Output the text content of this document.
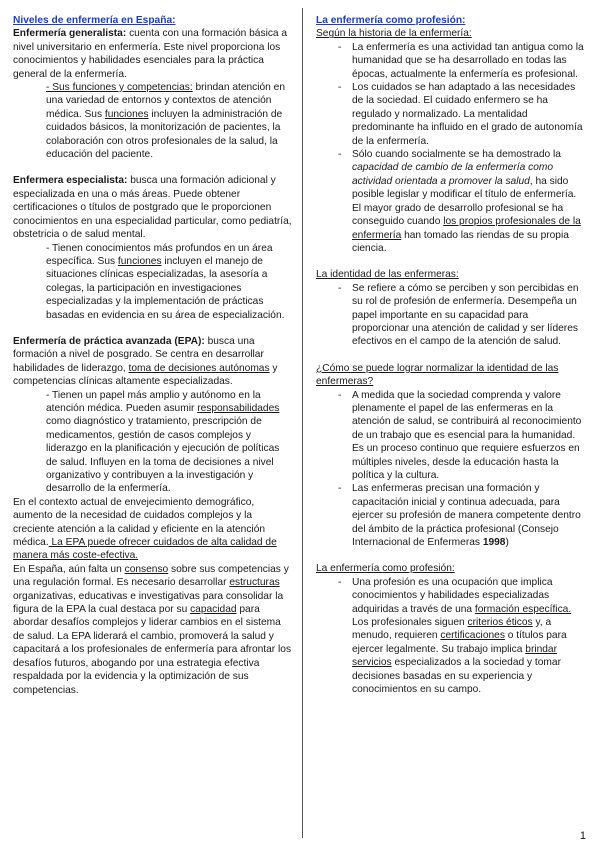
Niveles de enfermería en España:

Enfermería generalista: cuenta con una formación básica a nivel universitario en enfermería. Este nivel proporciona los conocimientos y habilidades esenciales para la práctica general de la enfermería.

- Sus funciones y competencias: brindan atención en una variedad de entornos y contextos de atención médica. Sus funciones incluyen la administración de cuidados básicos, la monitorización de pacientes, la colaboración con otros profesionales de la salud, la educación del paciente.

Enfermera especialista: busca una formación adicional y especializada en una o más áreas. Puede obtener certificaciones o títulos de postgrado que le proporcionen conocimientos en una especialidad particular, como pediatría, obstetricia o de salud mental.

- Tienen conocimientos más profundos en un área específica. Sus funciones incluyen el manejo de situaciones clínicas especializadas, la asesoría a colegas, la participación en investigaciones especializadas y la implementación de prácticas basadas en evidencia en su área de especialización.

Enfermería de práctica avanzada (EPA): busca una formación a nivel de posgrado. Se centra en desarrollar habilidades de liderazgo, toma de decisiones autónomas y competencias clínicas altamente especializadas.

- Tienen un papel más amplio y autónomo en la atención médica. Pueden asumir responsabilidades como diagnóstico y tratamiento, prescripción de medicamentos, gestión de casos complejos y liderazgo en la planificación y ejecución de políticas de salud. Influyen en la toma de decisiones a nivel organizativo y contribuyen a la investigación y desarrollo de la enfermería.

En el contexto actual de envejecimiento demográfico, aumento de la necesidad de cuidados complejos y la creciente atención a la calidad y eficiente en la atención médica. La EPA puede ofrecer cuidados de alta calidad de manera más coste-efectiva.

En España, aún falta un consenso sobre sus competencias y una regulación formal. Es necesario desarrollar estructuras organizativas, educativas e investigativas para consolidar la figura de la EPA la cual destaca por su capacidad para abordar desafíos complejos y liderar cambios en el sistema de salud. La EPA liderará el cambio, promoverá la salud y capacitará a los profesionales de enfermería para afrontar los desafíos futuros, abogando por una estrategia efectiva respaldada por la evidencia y la optimización de sus competencias.

La enfermería como profesión:

Según la historia de la enfermería:

- La enfermería es una actividad tan antigua como la humanidad que se ha desarrollado en todas las épocas, actualmente la enfermería es profesional.
- Los cuidados se han adaptado a las necesidades de la sociedad. El cuidado enfermero se ha regulado y normalizado. La mentalidad predominante ha influido en el grado de autonomía de la enfermería.
- Sólo cuando socialmente se ha demostrado la capacidad de cambio de la enfermería como actividad orientada a promover la salud, ha sido posible legislar y modificar el título de enfermería. El mayor grado de desarrollo profesional se ha conseguido cuando los propios profesionales de la enfermería han tomado las riendas de su propia ciencia.

La identidad de las enfermeras:

- Se refiere a cómo se perciben y son percibidas en su rol de profesión de enfermería. Desempeña un papel importante en su capacidad para proporcionar una atención de calidad y ser líderes efectivos en el campo de la atención de salud.

¿Cómo se puede lograr normalizar la identidad de las enfermeras?

- A medida que la sociedad comprenda y valore plenamente el papel de las enfermeras en la atención de salud, se contribuirá al reconocimiento de un trabajo que es esencial para la humanidad. Es un proceso continuo que requiere esfuerzos en múltiples niveles, desde la educación hasta la política y la cultura.
- Las enfermeras precisan una formación y capacitación inicial y continua adecuada, para ejercer su profesión de manera competente dentro del ámbito de la práctica profesional (Consejo Internacional de Enfermeras 1998)

La enfermería como profesión:

- Una profesión es una ocupación que implica conocimientos y habilidades especializadas adquiridas a través de una formación específica. Los profesionales siguen criterios éticos y, a menudo, requieren certificaciones o títulos para ejercer legalmente. Su trabajo implica brindar servicios especializados a la sociedad y tomar decisiones basadas en su experiencia y conocimientos en su campo.
1
